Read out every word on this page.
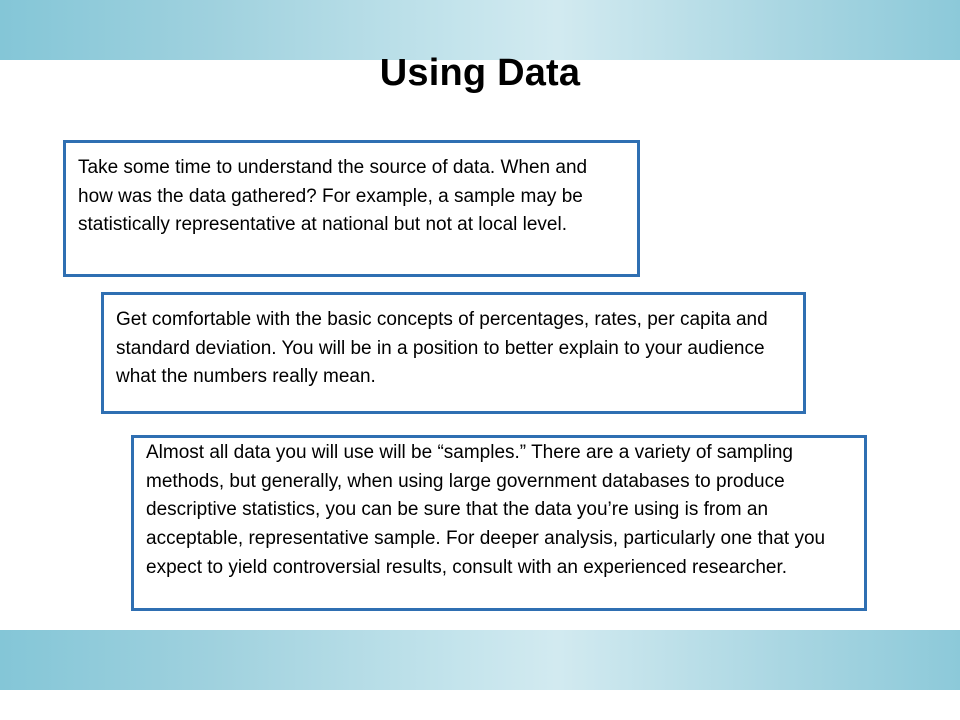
Using Data
Take some time to understand the source of data. When and how was the data gathered? For example, a sample may be statistically representative at national but not at local level.
Get comfortable with the basic concepts of percentages, rates, per capita and standard deviation. You will be in a position to better explain to your audience what the numbers really mean.
Almost all data you will use will be “samples.” There are a variety of sampling methods, but generally, when using large government databases to produce descriptive statistics, you can be sure that the data you’re using is from an acceptable, representative sample. For deeper analysis, particularly one that you expect to yield controversial results, consult with an experienced researcher.
